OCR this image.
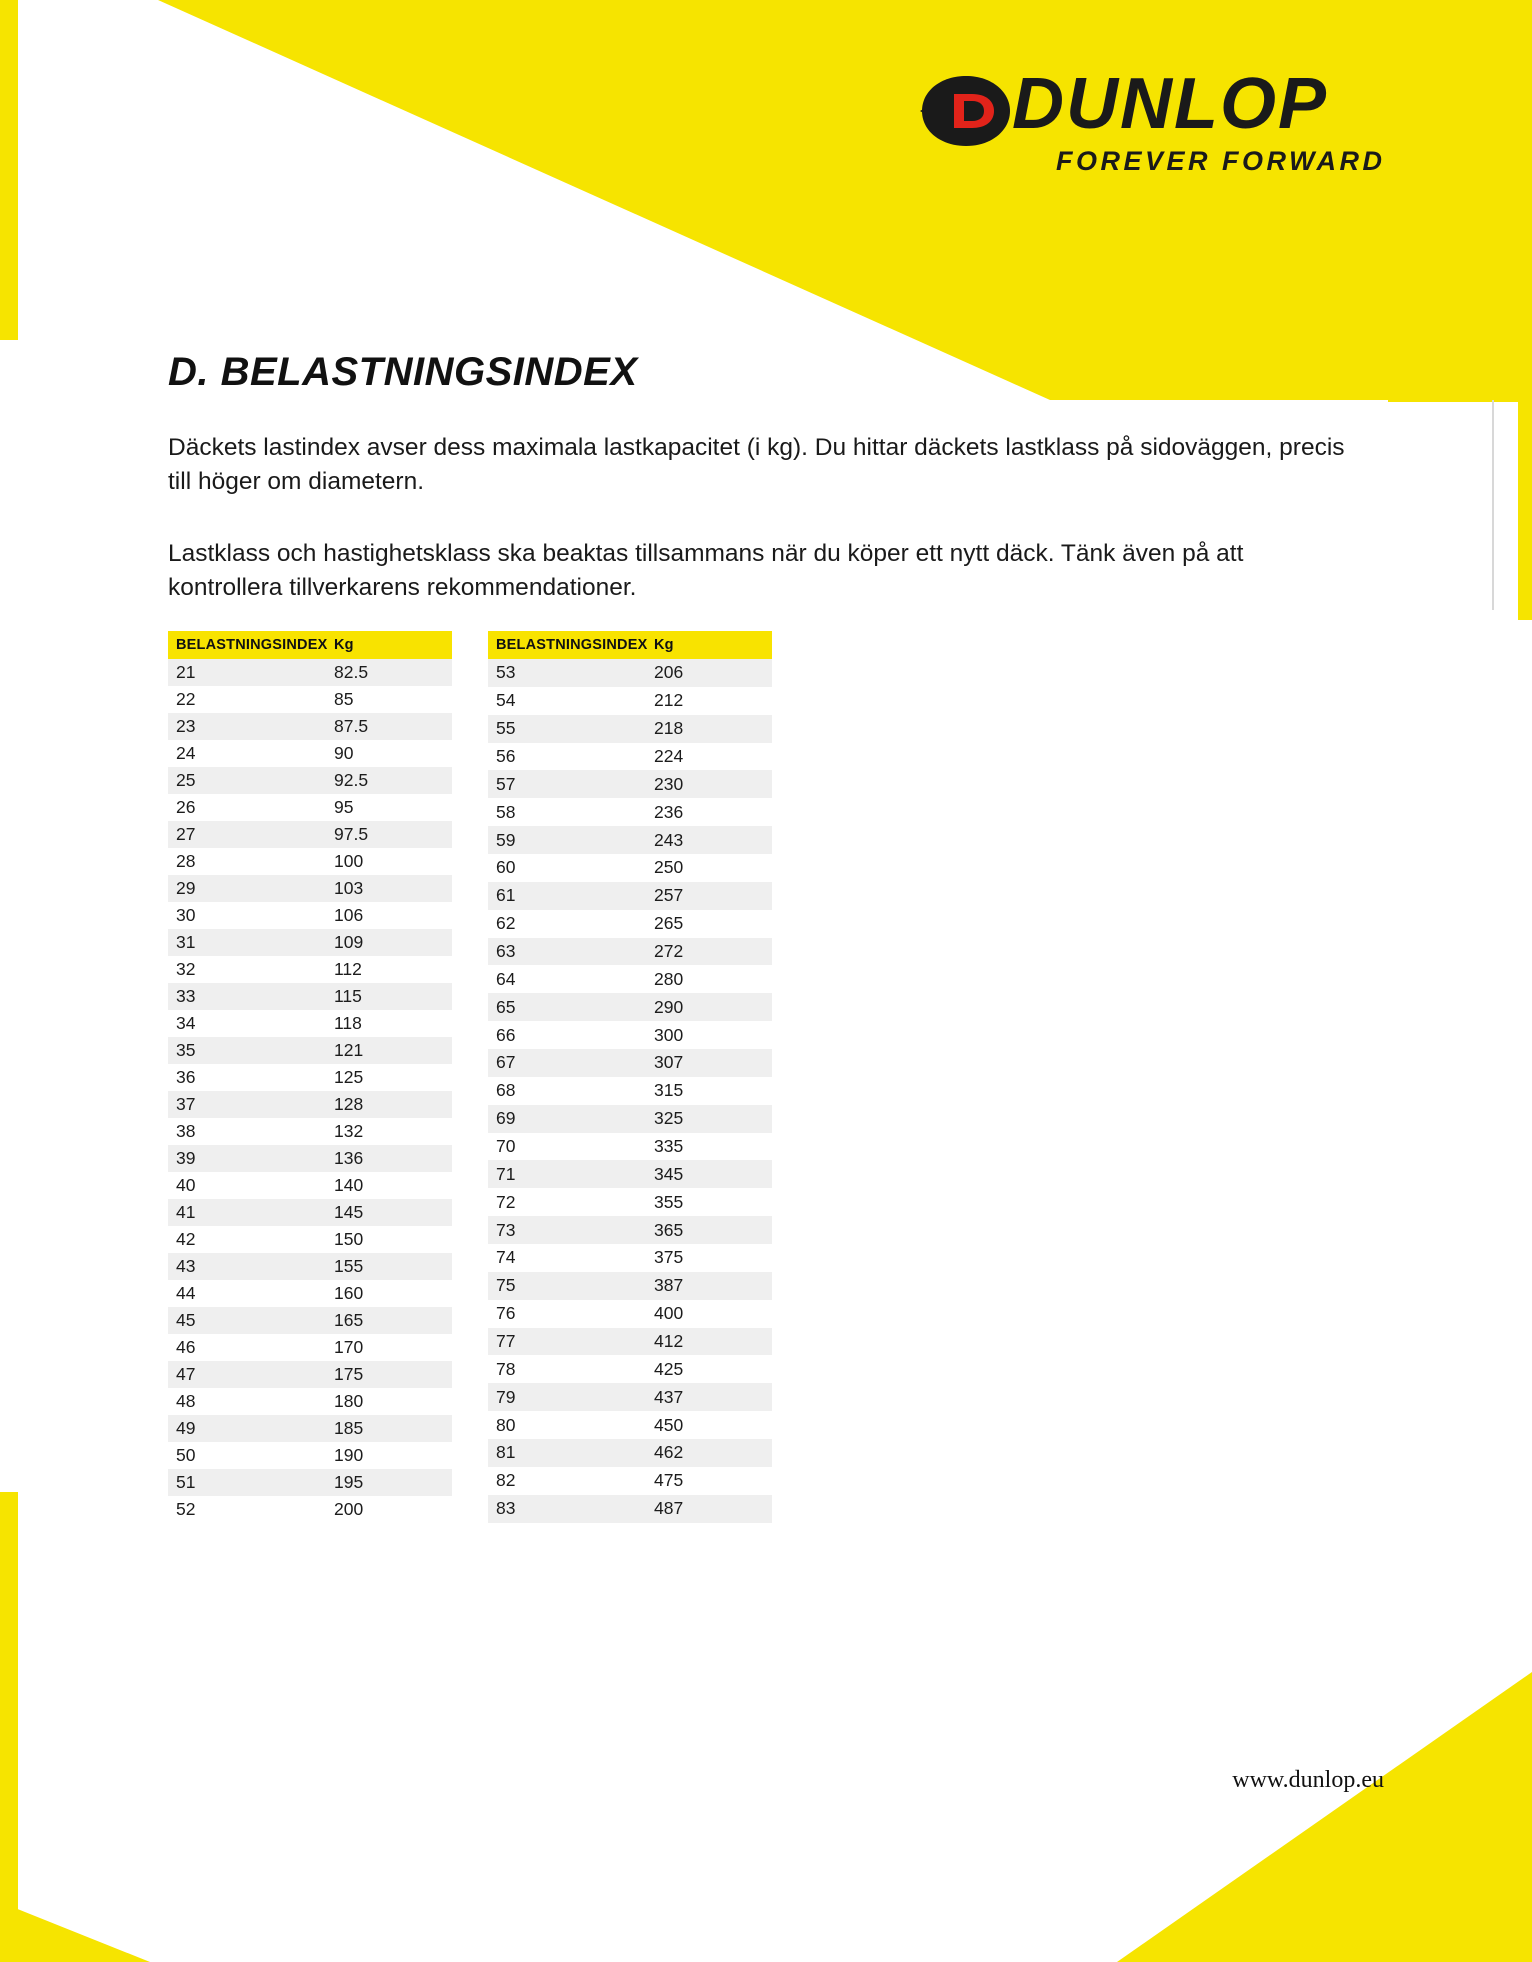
DUNLOP
FOREVER FORWARD
D. BELASTNINGSINDEX

Däckets lastindex avser dess maximala lastkapacitet (i kg). Du hittar däckets lastklass på sidoväggen, precis till höger om diametern.

Lastklass och hastighetsklass ska beaktas tillsammans när du köper ett nytt däck. Tänk även på att kontrollera tillverkarens rekommendationer.

BELASTNINGSINDEX	Kg
21	82.5
22	85
23	87.5
24	90
25	92.5
26	95
27	97.5
28	100
29	103
30	106
31	109
32	112
33	115
34	118
35	121
36	125
37	128
38	132
39	136
40	140
41	145
42	150
43	155
44	160
45	165
46	170
47	175
48	180
49	185
50	190
51	195
52	200
BELASTNINGSINDEX	Kg
53	206
54	212
55	218
56	224
57	230
58	236
59	243
60	250
61	257
62	265
63	272
64	280
65	290
66	300
67	307
68	315
69	325
70	335
71	345
72	355
73	365
74	375
75	387
76	400
77	412
78	425
79	437
80	450
81	462
82	475
83	487
www.dunlop.eu
